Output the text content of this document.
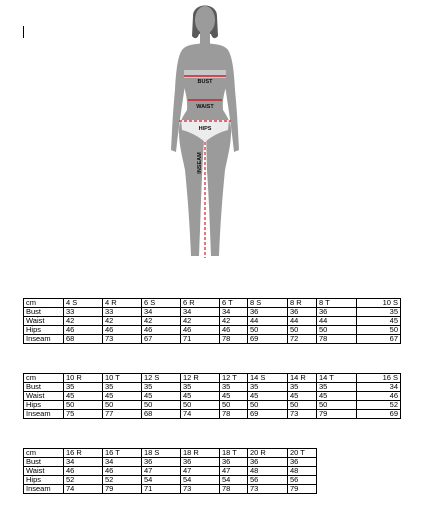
BUST
WAIST
HIPS
INSEAM
cm	4 S	4 R	6 S	6 R	6 T	8 S	8 R	8 T	10 S
Bust	33	33	34	34	34	36	36	36	35
Waist	42	42	42	42	42	44	44	44	45
Hips	46	46	46	46	46	50	50	50	50
Inseam	68	73	67	71	78	69	72	78	67
cm	10 R	10 T	12 S	12 R	12 T	14 S	14 R	14 T	16 S
Bust	35	35	35	35	35	35	35	35	34
Waist	45	45	45	45	45	45	45	45	46
Hips	50	50	50	50	50	50	50	50	52
Inseam	75	77	68	74	78	69	73	79	69
cm	16 R	16 T	18 S	18 R	18 T	20 R	20 T
Bust	34	34	36	36	36	36	36
Waist	46	46	47	47	47	48	48
Hips	52	52	54	54	54	56	56
Inseam	74	79	71	73	78	73	79
